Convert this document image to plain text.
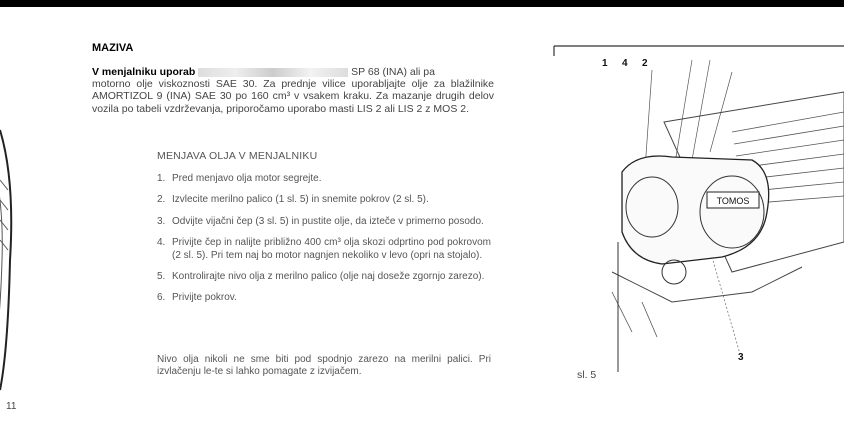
11
MAZIVA
V menjalniku uporab	SP 68 (INA) ali pa
motorno olje viskoznosti SAE 30. Za prednje vilice uporabljajte olje za blažilnike AMORTIZOL 9 (INA) SAE 30 po 160 cm³ v vsakem kraku. Za mazanje drugih delov vozila po tabeli vzdrževanja, priporočamo uporabo masti LIS 2 ali LIS 2 z MOS 2.
MENJAVA OLJA V MENJALNIKU
1. Pred menjavo olja motor segrejte.
2. Izvlecite merilno palico (1 sl. 5) in snemite pokrov (2 sl. 5).
3. Odvijte vijačni čep (3 sl. 5) in pustite olje, da izteče v primerno posodo.
4. Privijte čep in nalijte približno 400 cm³ olja skozi odprtino pod pokrovom (2 sl. 5). Pri tem naj bo motor nagnjen nekoliko v levo (opri na stojalo).
5. Kontrolirajte nivo olja z merilno palico (olje naj doseže zgornjo zarezo).
6. Privijte pokrov.
Nivo olja nikoli ne sme biti pod spodnjo zarezo na merilni palici. Pri izvlačenju le-te si lahko pomagate z izvijačem.
1 4 2
TOMOS
3
sl. 5
